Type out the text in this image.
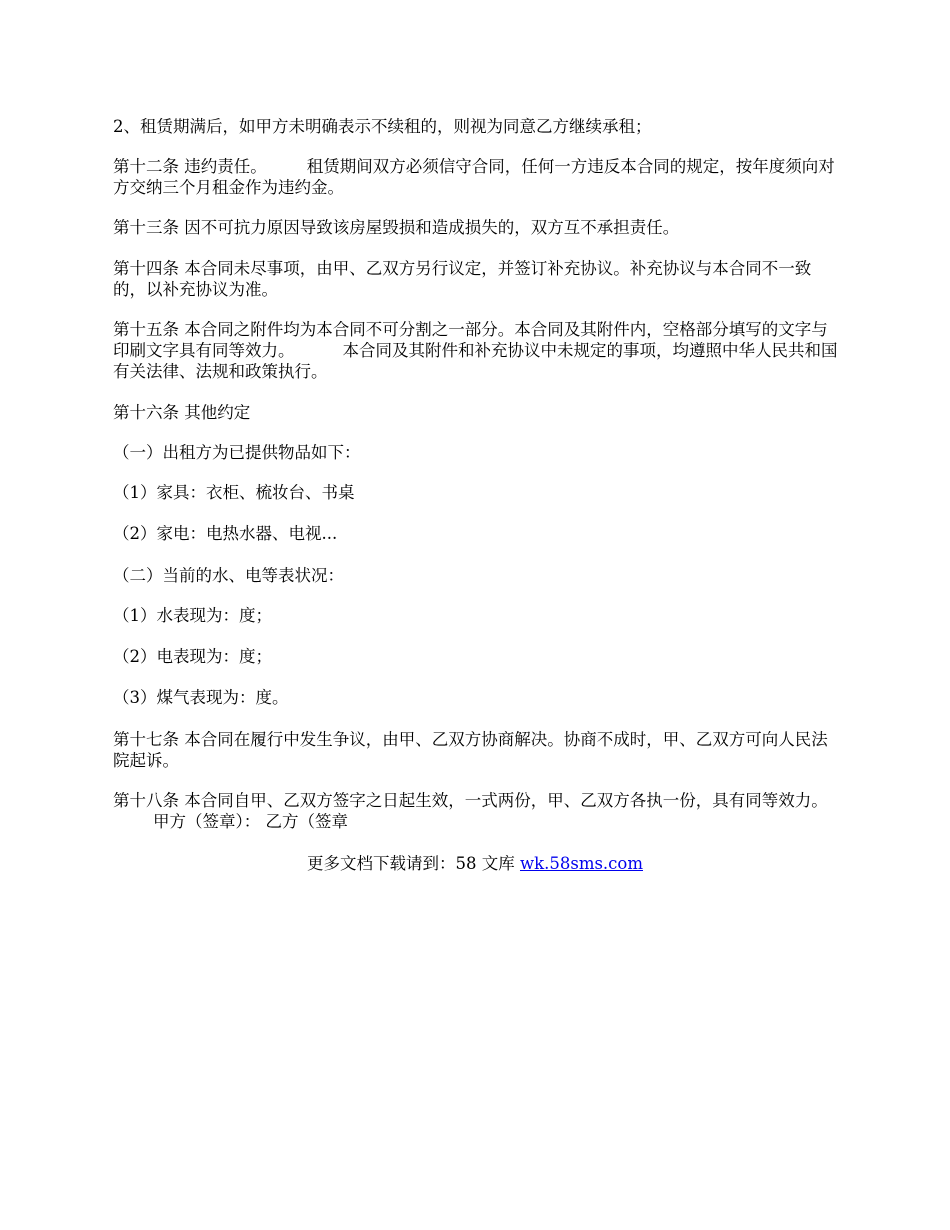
2、租赁期满后，如甲方未明确表示不续租的，则视为同意乙方继续承租；

第十二条 违约责任。 租赁期间双方必须信守合同，任何一方违反本合同的规定，按年度须向对方交纳三个月租金作为违约金。

第十三条 因不可抗力原因导致该房屋毁损和造成损失的，双方互不承担责任。

第十四条 本合同未尽事项，由甲、乙双方另行议定，并签订补充协议。补充协议与本合同不一致的，以补充协议为准。

第十五条 本合同之附件均为本合同不可分割之一部分。本合同及其附件内，空格部分填写的文字与印刷文字具有同等效力。	本合同及其附件和补充协议中未规定的事项，均遵照中华人民共和国有关法律、法规和政策执行。

第十六条 其他约定

（一）出租方为已提供物品如下：

（1）家具：衣柜、梳妆台、书桌

（2）家电：电热水器、电视...

（二）当前的水、电等表状况：

（1）水表现为：度；

（2）电表现为：度；

（3）煤气表现为：度。

第十七条 本合同在履行中发生争议，由甲、乙双方协商解决。协商不成时，甲、乙双方可向人民法院起诉。

第十八条 本合同自甲、乙双方签字之日起生效，一式两份，甲、乙双方各执一份，具有同等效力。甲方（签章）： 乙方（签章

更多文档下载请到：58 文库 wk.58sms.com
